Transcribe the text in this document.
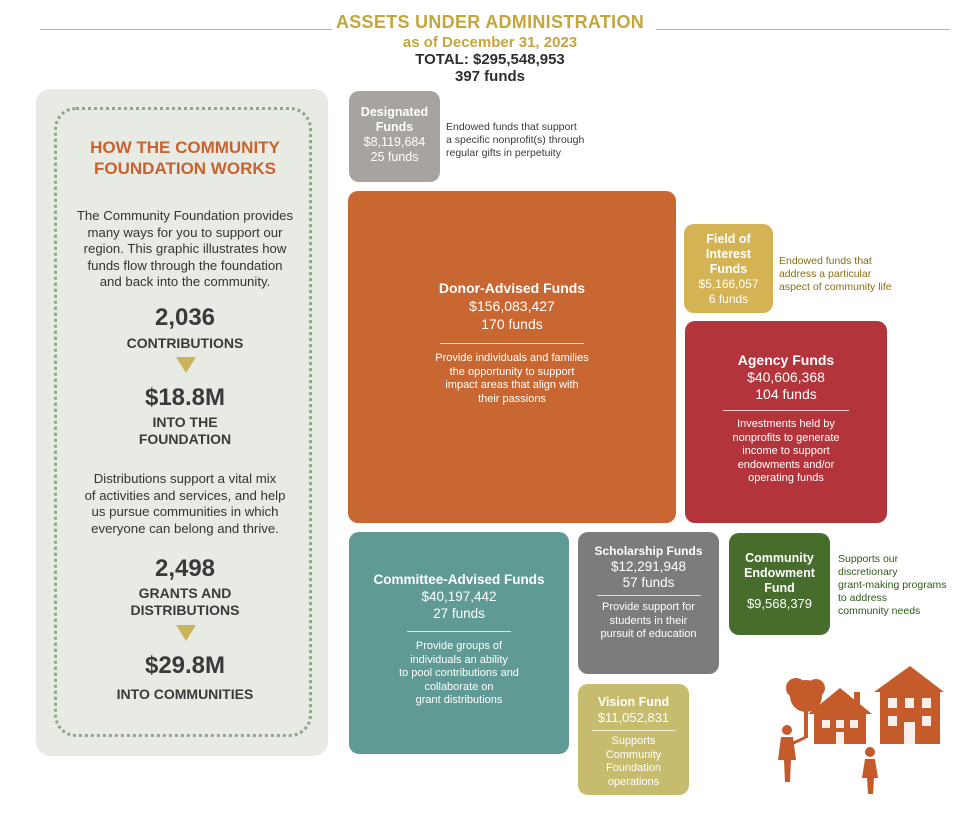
ASSETS UNDER ADMINISTRATION
as of December 31, 2023
TOTAL: $295,548,953
397 funds
HOW THE COMMUNITY
FOUNDATION WORKS
The Community Foundation provides
many ways for you to support our
region. This graphic illustrates how
funds flow through the foundation
and back into the community.
2,036
CONTRIBUTIONS
$18.8M
INTO THE
FOUNDATION
Distributions support a vital mix
of activities and services, and help
us pursue communities in which
everyone can belong and thrive.
2,498
GRANTS AND
DISTRIBUTIONS
$29.8M
INTO COMMUNITIES
Designated
Funds
$8,119,684
25 funds
Endowed funds that support
a specific nonprofit(s) through
regular gifts in perpetuity
Donor-Advised Funds
$156,083,427
170 funds
Provide individuals and families
the opportunity to support
impact areas that align with
their passions
Field of
Interest
Funds
$5,166,057
6 funds
Endowed funds that
address a particular
aspect of community life
Agency Funds
$40,606,368
104 funds
Investments held by
nonprofits to generate
income to support
endowments and/or
operating funds
Committee-Advised Funds
$40,197,442
27 funds
Provide groups of
individuals an ability
to pool contributions and
collaborate on
grant distributions
Scholarship Funds
$12,291,948
57 funds
Provide support for
students in their
pursuit of education
Community
Endowment
Fund
$9,568,379
Supports our
discretionary
grant-making programs
to address
community needs
Vision Fund
$11,052,831
Supports
Community
Foundation
operations
